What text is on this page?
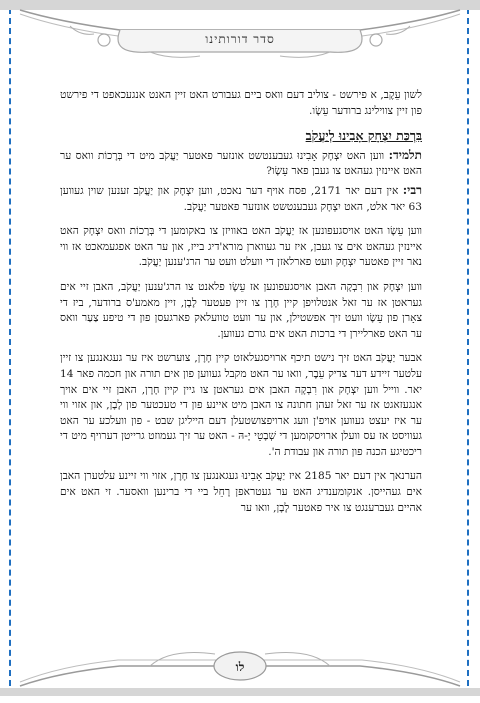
סדר דורותינו

לשון עֵקֶב, א פירשט - צוליב דעם וואס ביים געבורט האט זיין האנט אנגעכאפט די פירשט פון זיין צווילינג ברודער עֵשָׂו.

בִּרְכַּת יִצְחָק אָבִינוּ לְיַעֲקֹב

תלמיד: ווען האט יִצְחָק אָבִינוּ געבענטשט אונזער פאטער יַעֲקֹב מיט די בְּרָכוֹת וואס ער האט איינזין געהאט צו געבן פאר עֵשָׂו?

רבי: אין דעם יאר 2171, פסח אויף דער נאכט, ווען יִצְחָק און יַעֲקֹב זענען שוין געווען 63 יאר אלט, האט יִצְחָק געבענטשט אונזער פאטער יַעֲקֹב.

ווען עֵשָׂו האט אויסגעפונען אז יַעֲקֹב האט באוויזן צו באקומען די בְּרָכוֹת וואס יִצְחָק האט איינזין געהאט אים צו געבן, איז ער געווארן מורא'דיג בייז, און ער האט אפגעמאכט אז ווי נאר זיין פאטער יִצְחָק וועט פארלאזן די וועלט וועט ער הרג'ענען יַעֲקֹב.

ווען יִצְחָק און רִבְקָה האבן אויסגעפונען אז עֵשָׂו פלאנט צו הרג'ענען יַעֲקֹב, האבן זיי אים געראטן אז ער זאל אנטלויפן קיין חָרָן צו זיין פעטער לָבָן, זיין מאמע'ס ברודער, ביז די צאָרן פון עֵשָׂו וועט זיך אפשטילן, און ער וועט טוועלאק פארגעסן פון די טיפע צַעַר וואס ער האט פארליירן די ברכות האט אים גורם געווען.

אבער יַעֲקֹב האט זיך נישט תיכף ארויסגעלאזט קיין חָרָן, צוערשט איז ער געגאנגען צו זיין עלטער זיידע דער צדיק עֵבֶר, וואו ער האט מקבל געווען פון אים תורה און חכמה פאר 14 יאר. ווייל ווען יִצְחָק און רִבְקָה האבן אים געראטן צו גיין קיין חָרָן, האבן זיי אים אויך אנגעזאגט אז ער זאל זעהן חתונה צו האבן מיט איינע פון די טעכטער פון לָבָן, און אזוי ווי ער איז יעצט געווען אויפ'ן וועג ארויפצושטעלן דעם הייליגן שבט - פון וועלכע ער האט געוויסט אז עס וועלן ארויסקומען די שְׁבָטֵי יָ-הּ - האט ער זיך געמוזט גרייטן דערויף מיט די ריכטיגע הכנה פון תורה און עבודת ה'.

הערנאך אין דעם יאר 2185 איז יַעֲקֹב אָבִינוּ געגאנגען צו חָרָן, אזוי ווי זיינע עלטערן האבן אים געהייסן. אנקומענדיג האט ער געטראפן רָחֵל ביי די ברינען וואסער. זי האט אים אהיים געברענגט צו איר פאטער לָבָן, וואו ער

לו
